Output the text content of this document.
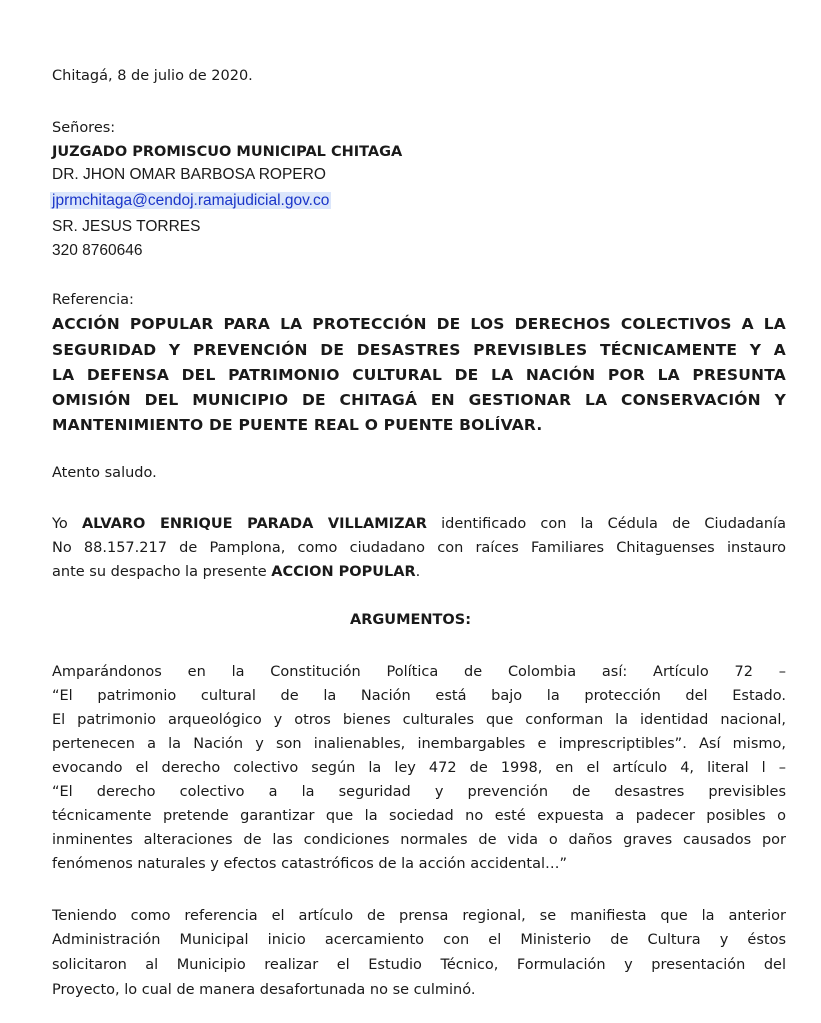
Chitagá, 8 de julio de 2020.
Señores:
JUZGADO PROMISCUO MUNICIPAL CHITAGA
DR. JHON OMAR BARBOSA ROPERO
jprmchitaga@cendoj.ramajudicial.gov.co
SR. JESUS TORRES
320 8760646
Referencia:
ACCIÓN POPULAR PARA LA PROTECCIÓN DE LOS DERECHOS COLECTIVOS A LA
SEGURIDAD Y PREVENCIÓN DE DESASTRES PREVISIBLES TÉCNICAMENTE Y A
LA DEFENSA DEL PATRIMONIO CULTURAL DE LA NACIÓN POR LA PRESUNTA
OMISIÓN DEL MUNICIPIO DE CHITAGÁ EN GESTIONAR LA CONSERVACIÓN Y
MANTENIMIENTO DE PUENTE REAL O PUENTE BOLÍVAR.
Atento saludo.
Yo ALVARO ENRIQUE PARADA VILLAMIZAR identificado con la Cédula de Ciudadanía
No 88.157.217 de Pamplona, como ciudadano con raíces Familiares Chitaguenses instauro
ante su despacho la presente ACCION POPULAR.
ARGUMENTOS:
Amparándonos en la Constitución Política de Colombia así: Artículo 72 –
“El patrimonio cultural de la Nación está bajo la protección del Estado.
El patrimonio arqueológico y otros bienes culturales que conforman la identidad nacional,
pertenecen a la Nación y son inalienables, inembargables e imprescriptibles”. Así mismo,
evocando el derecho colectivo según la ley 472 de 1998, en el artículo 4, literal l –
“El derecho colectivo a la seguridad y prevención de desastres previsibles
técnicamente pretende garantizar que la sociedad no esté expuesta a padecer posibles o
inminentes alteraciones de las condiciones normales de vida o daños graves causados por
fenómenos naturales y efectos catastróficos de la acción accidental…”
Teniendo como referencia el artículo de prensa regional, se manifiesta que la anterior
Administración Municipal inicio acercamiento con el Ministerio de Cultura y éstos
solicitaron al Municipio realizar el Estudio Técnico, Formulación y presentación del
Proyecto, lo cual de manera desafortunada no se culminó.
